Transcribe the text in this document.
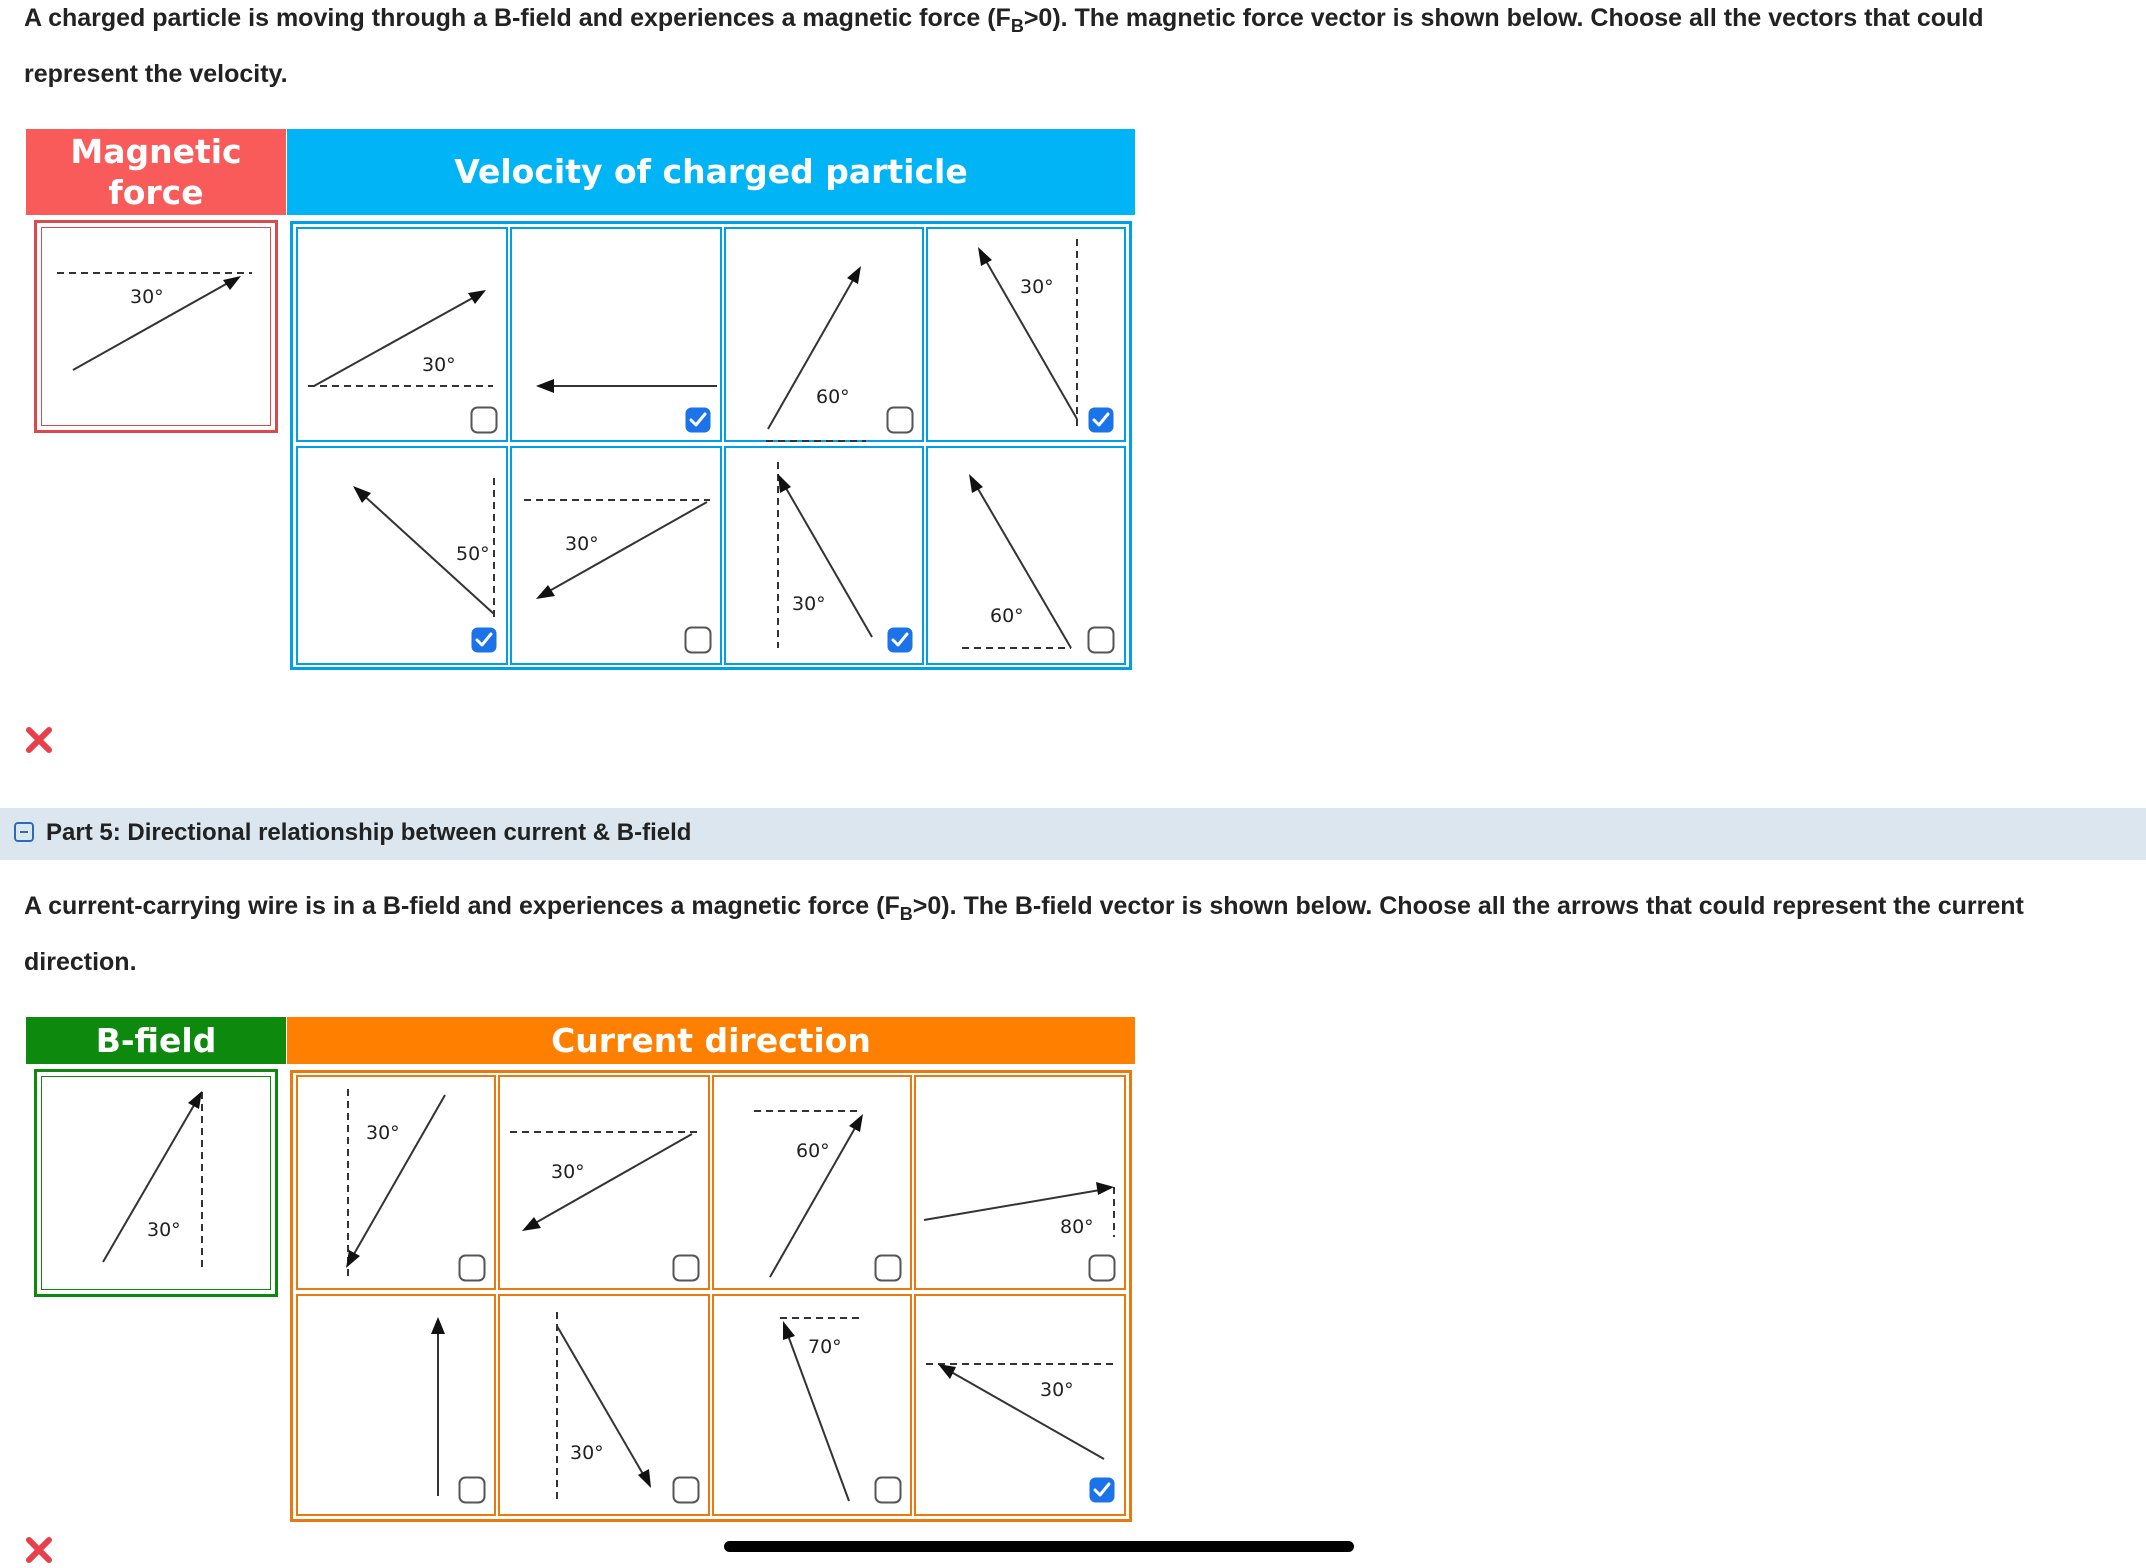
A charged particle is moving through a B-field and experiences a magnetic force $(F_B>0)$. The magnetic force vector is shown below. Choose all the vectors that could
represent the velocity.
Magnetic
force
Velocity of charged particle
30°
30°
60°
30°
50°	30°
30°
60°
Part 5: Directional relationship between current & B-field
A current-carrying wire is in a B-field and experiences a magnetic force $(F_B>0)$. The B-field vector is shown below. Choose all the arrows that could represent the current
direction.
B-field	Current direction
30°
30°
30°
60°
80°
30°
70°
30°
